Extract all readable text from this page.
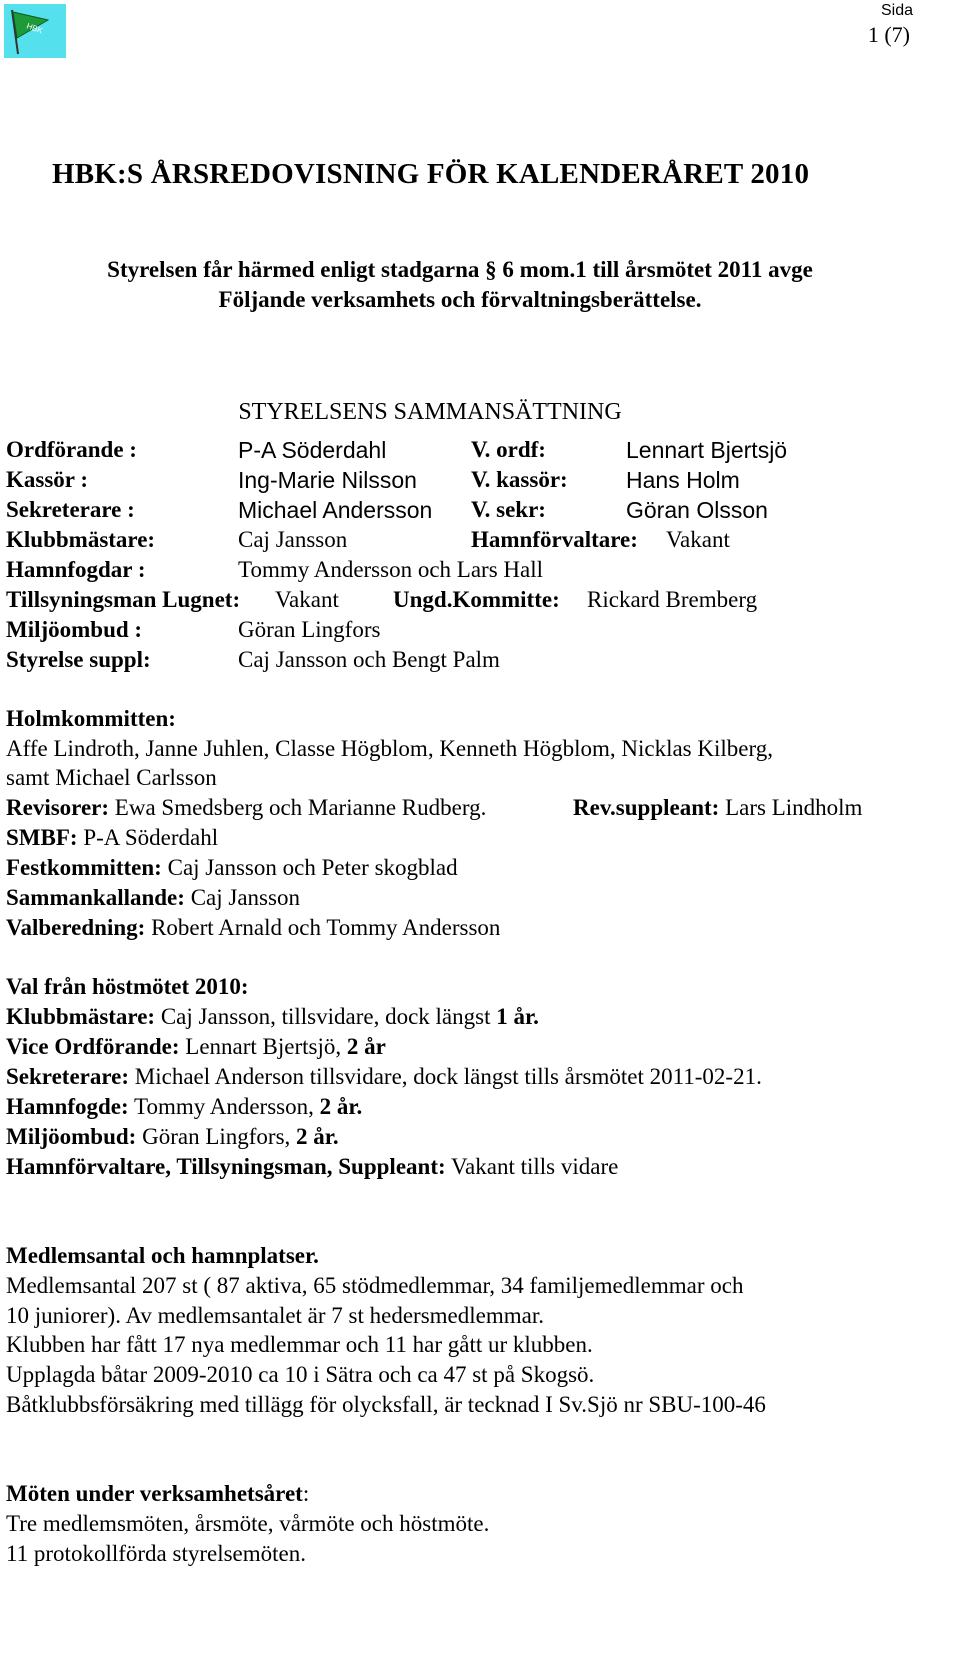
HBK
Sida
1 (7)
HBK:S ÅRSREDOVISNING FÖR KALENDERÅRET 2010
Styrelsen får härmed enligt stadgarna § 6 mom.1 till årsmötet 2011 avge
Följande verksamhets och förvaltningsberättelse.
STYRELSENS SAMMANSÄTTNING
Ordförande :	P-A Söderdahl	V. ordf:	Lennart Bjertsjö
Kassör :	Ing-Marie Nilsson V. kassör:	Hans Holm
Sekreterare :	Michael Andersson V. sekr:	Göran Olsson
Klubbmästare:	Caj Jansson	Hamnförvaltare: Vakant
Hamnfogdar :	Tommy Andersson och Lars Hall
Tillsyningsman Lugnet: Vakant Ungd.Kommitte: Rickard Bremberg
Miljöombud :	Göran Lingfors
Styrelse suppl:	Caj Jansson och Bengt Palm
Holmkommitten:
Affe Lindroth, Janne Juhlen, Classe Högblom, Kenneth Högblom, Nicklas Kilberg,
samt Michael Carlsson
Revisorer: Ewa Smedsberg och Marianne Rudberg.	Rev.suppleant: Lars Lindholm
SMBF: P-A Söderdahl
Festkommitten: Caj Jansson och Peter skogblad
Sammankallande: Caj Jansson
Valberedning: Robert Arnald och Tommy Andersson
Val från höstmötet 2010:
Klubbmästare: Caj Jansson, tillsvidare, dock längst 1 år.
Vice Ordförande: Lennart Bjertsjö, 2 år
Sekreterare: Michael Anderson tillsvidare, dock längst tills årsmötet 2011-02-21.
Hamnfogde: Tommy Andersson, 2 år.
Miljöombud: Göran Lingfors, 2 år.
Hamnförvaltare, Tillsyningsman, Suppleant: Vakant tills vidare
Medlemsantal och hamnplatser.
Medlemsantal 207 st ( 87 aktiva, 65 stödmedlemmar, 34 familjemedlemmar och
10 juniorer). Av medlemsantalet är 7 st hedersmedlemmar.
Klubben har fått 17 nya medlemmar och 11 har gått ur klubben.
Upplagda båtar 2009-2010 ca 10 i Sätra och ca 47 st på Skogsö.
Båtklubbsförsäkring med tillägg för olycksfall, är tecknad I Sv.Sjö nr SBU-100-46
Möten under verksamhetsåret:
Tre medlemsmöten, årsmöte, vårmöte och höstmöte.
11 protokollförda styrelsemöten.
